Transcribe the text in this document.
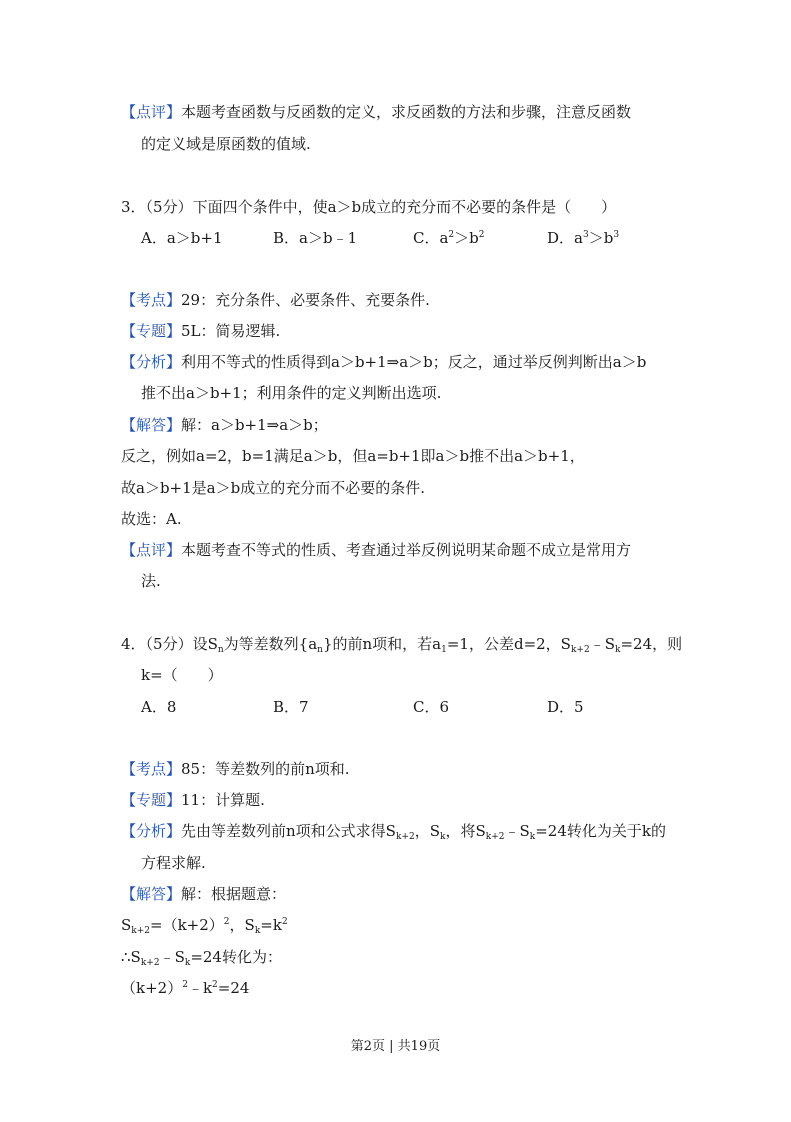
【点评】本题考查函数与反函数的定义，求反函数的方法和步骤，注意反函数
的定义域是原函数的值域.
3．（5分）下面四个条件中，使a＞b成立的充分而不必要的条件是（　　）
A．a＞b+1	B．a＞b﹣1	C．$a^2>b^2$	D．$a^3>b^3$
【考点】29：充分条件、必要条件、充要条件.
【专题】5L：简易逻辑.
【分析】利用不等式的性质得到a＞b+1⇒a＞b；反之，通过举反例判断出a＞b
推不出a＞b+1；利用条件的定义判断出选项.
【解答】解：a＞b+1⇒a＞b；
反之，例如a=2，b=1满足a＞b，但a=b+1即a＞b推不出a＞b+1，
故a＞b+1是a＞b成立的充分而不必要的条件.
故选：A.
【点评】本题考查不等式的性质、考查通过举反例说明某命题不成立是常用方
法.
4．（5分）设$S_n$为等差数列$\{a_n\}$的前n项和，若$a_1=1$，公差d=2，$S_{k+2}﹣S_k=24$，则
k=（　　）
A．8	B．7	C．6	D．5
【考点】85：等差数列的前n项和.
【专题】11：计算题.
【分析】先由等差数列前n项和公式求得$S_{k+2}$，$S_k$，将$S_{k+2}﹣S_k=24$转化为关于k的
方程求解.
【解答】解：根据题意：
$S_{k+2}=(k+2)^2$，$S_k=k^2$
$\therefore S_{k+2}﹣S_k=24$转化为：
$(k+2)^2﹣k^2=24$
第2页 | 共19页
